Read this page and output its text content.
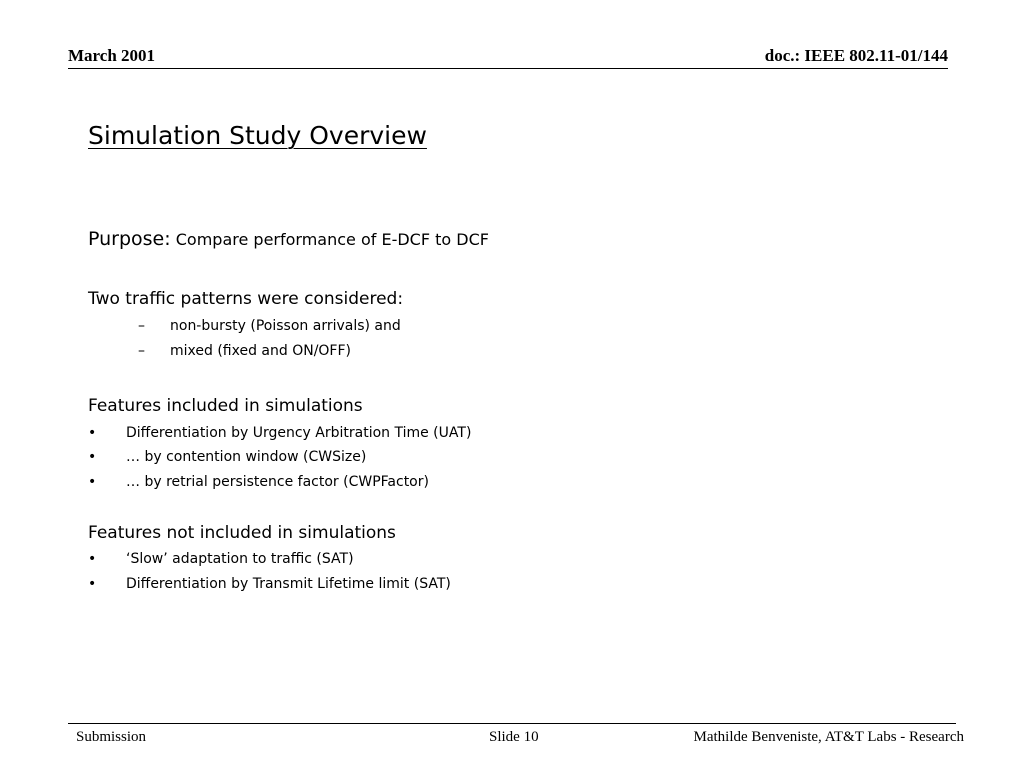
March 2001	doc.: IEEE 802.11-01/144
Simulation Study Overview
Purpose: Compare performance of E-DCF to DCF
Two traffic patterns were considered:
– non-bursty (Poisson arrivals) and
– mixed (fixed and ON/OFF)
Features included in simulations
• Differentiation by Urgency Arbitration Time (UAT)
• … by contention window (CWSize)
• … by retrial persistence factor (CWPFactor)
Features not included in simulations
• ‘Slow’ adaptation to traffic (SAT)
• Differentiation by Transmit Lifetime limit (SAT)
Submission	Slide 10	Mathilde Benveniste, AT&T Labs - Research
